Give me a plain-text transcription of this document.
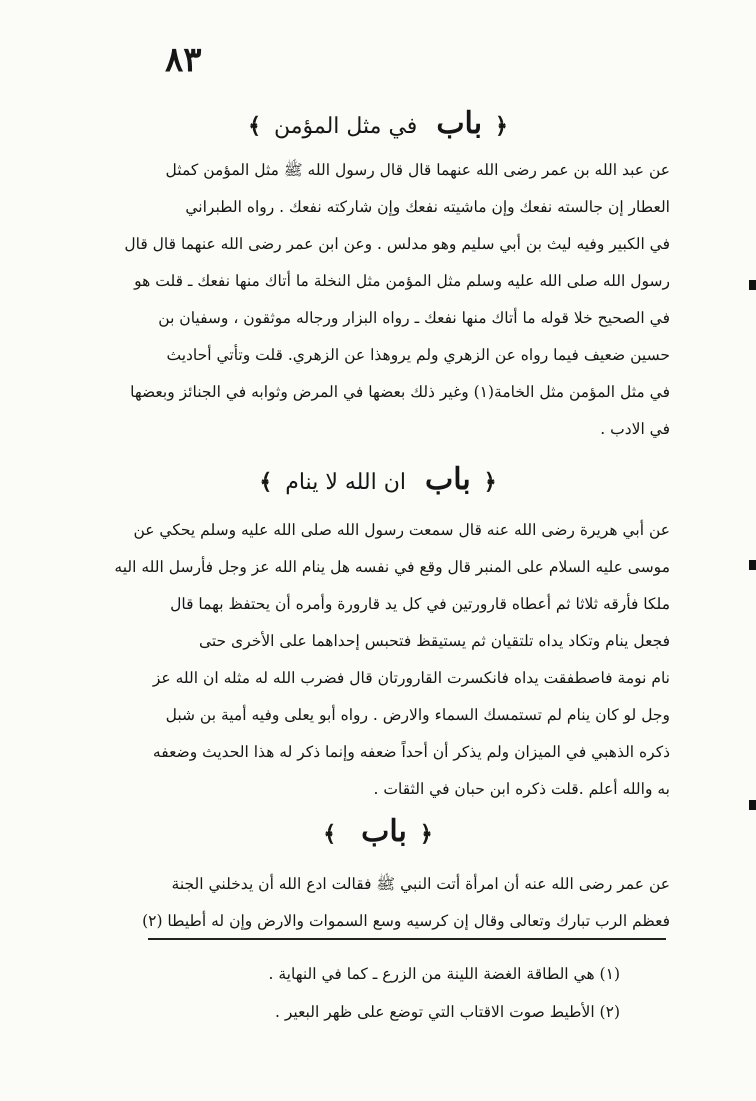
٨٣
﴿ باب في مثل المؤمن ﴾
عن عبد الله بن عمر رضى الله عنهما قال قال رسول الله ﷺ مثل المؤمن كمثل
العطار إن جالسته نفعك وإن ماشيته نفعك وإن شاركته نفعك . رواه الطبراني
في الكبير وفيه ليث بن أبي سليم وهو مدلس . وعن ابن عمر رضى الله عنهما قال قال
رسول الله صلى الله عليه وسلم مثل المؤمن مثل النخلة ما أتاك منها نفعك ـ قلت هو
في الصحيح خلا قوله ما أتاك منها نفعك ـ رواه البزار ورجاله موثقون ، وسفيان بن
حسين ضعيف فيما رواه عن الزهري ولم يروهذا عن الزهري. قلت وتأتي أحاديث
في مثل المؤمن مثل الخامة(١) وغير ذلك بعضها في المرض وثوابه في الجنائز وبعضها
في الادب .
﴿ باب ان الله لا ينام ﴾
عن أبي هريرة رضى الله عنه قال سمعت رسول الله صلى الله عليه وسلم يحكي عن
موسى عليه السلام على المنبر قال وقع في نفسه هل ينام الله عز وجل فأرسل الله اليه
ملكا فأرقه ثلاثا ثم أعطاه قارورتين في كل يد قارورة وأمره أن يحتفظ بهما قال
فجعل ينام وتكاد يداه تلتقيان ثم يستيقظ فتحبس إحداهما على الأخرى حتى
نام نومة فاصطفقت يداه فانكسرت القارورتان قال فضرب الله له مثله ان الله عز
وجل لو كان ينام لم تستمسك السماء والارض . رواه أبو يعلى وفيه أمية بن شبل
ذكره الذهبي في الميزان ولم يذكر أن أحداً ضعفه وإنما ذكر له هذا الحديث وضعفه
به والله أعلم .قلت ذكره ابن حبان في الثقات .
﴿ باب ﴾
عن عمر رضى الله عنه أن امرأة أتت النبي ﷺ فقالت ادع الله أن يدخلني الجنة
فعظم الرب تبارك وتعالى وقال إن كرسيه وسع السموات والارض وإن له أطيطا (٢)
(١) هي الطاقة الغضة اللينة من الزرع ـ كما في النهاية .
(٢) الأطيط صوت الاقتاب التي توضع على ظهر البعير .
